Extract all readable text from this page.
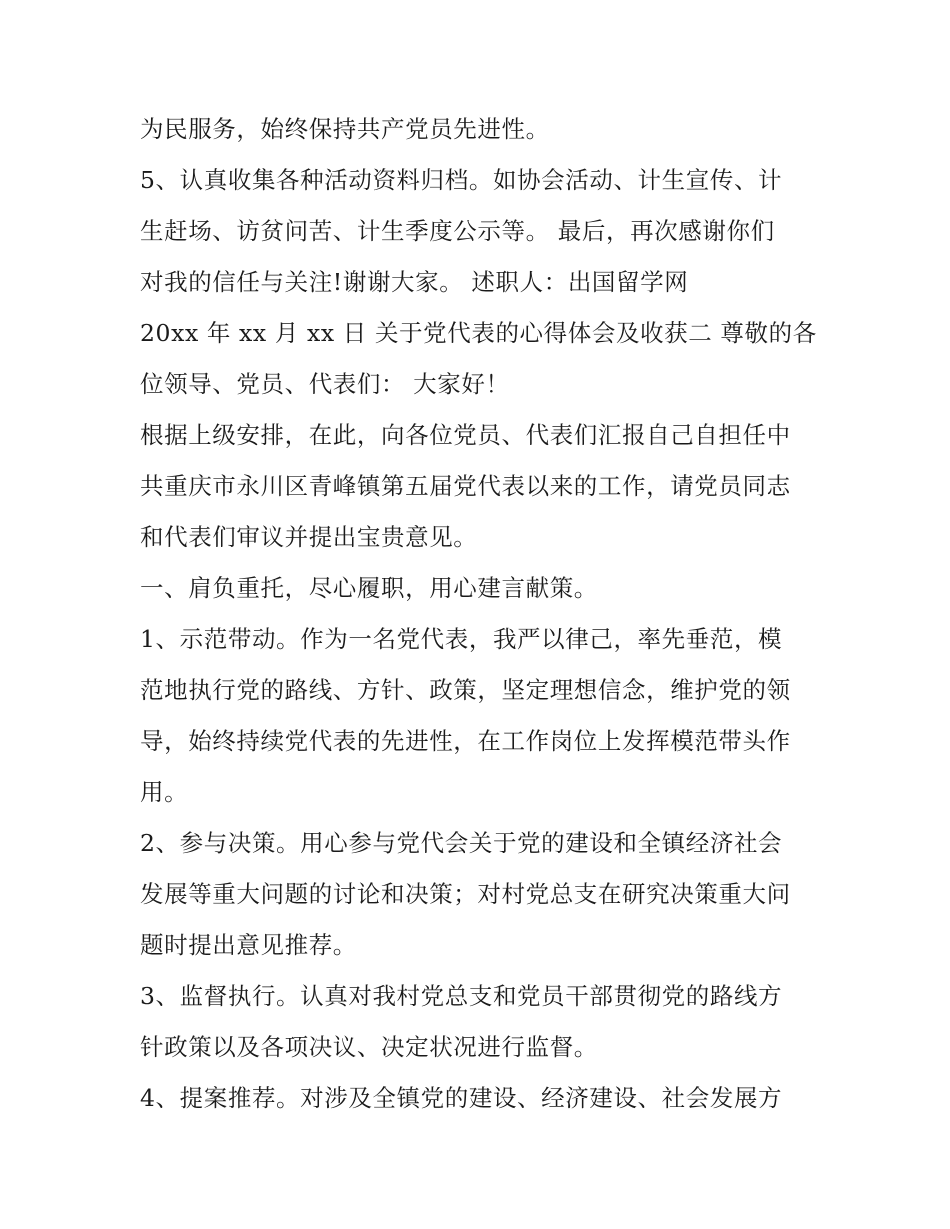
为民服务，始终保持共产党员先进性。
5、认真收集各种活动资料归档。如协会活动、计生宣传、计
生赶场、访贫问苦、计生季度公示等。 最后，再次感谢你们
对我的信任与关注!谢谢大家。 述职人：出国留学网
20xx 年 xx 月 xx 日 关于党代表的心得体会及收获二 尊敬的各
位领导、党员、代表们： 大家好！
根据上级安排，在此，向各位党员、代表们汇报自己自担任中
共重庆市永川区青峰镇第五届党代表以来的工作，请党员同志
和代表们审议并提出宝贵意见。
一、肩负重托，尽心履职，用心建言献策。
1、示范带动。作为一名党代表，我严以律己，率先垂范，模
范地执行党的路线、方针、政策，坚定理想信念，维护党的领
导，始终持续党代表的先进性，在工作岗位上发挥模范带头作
用。
2、参与决策。用心参与党代会关于党的建设和全镇经济社会
发展等重大问题的讨论和决策；对村党总支在研究决策重大问
题时提出意见推荐。
3、监督执行。认真对我村党总支和党员干部贯彻党的路线方
针政策以及各项决议、决定状况进行监督。
4、提案推荐。对涉及全镇党的建设、经济建设、社会发展方
